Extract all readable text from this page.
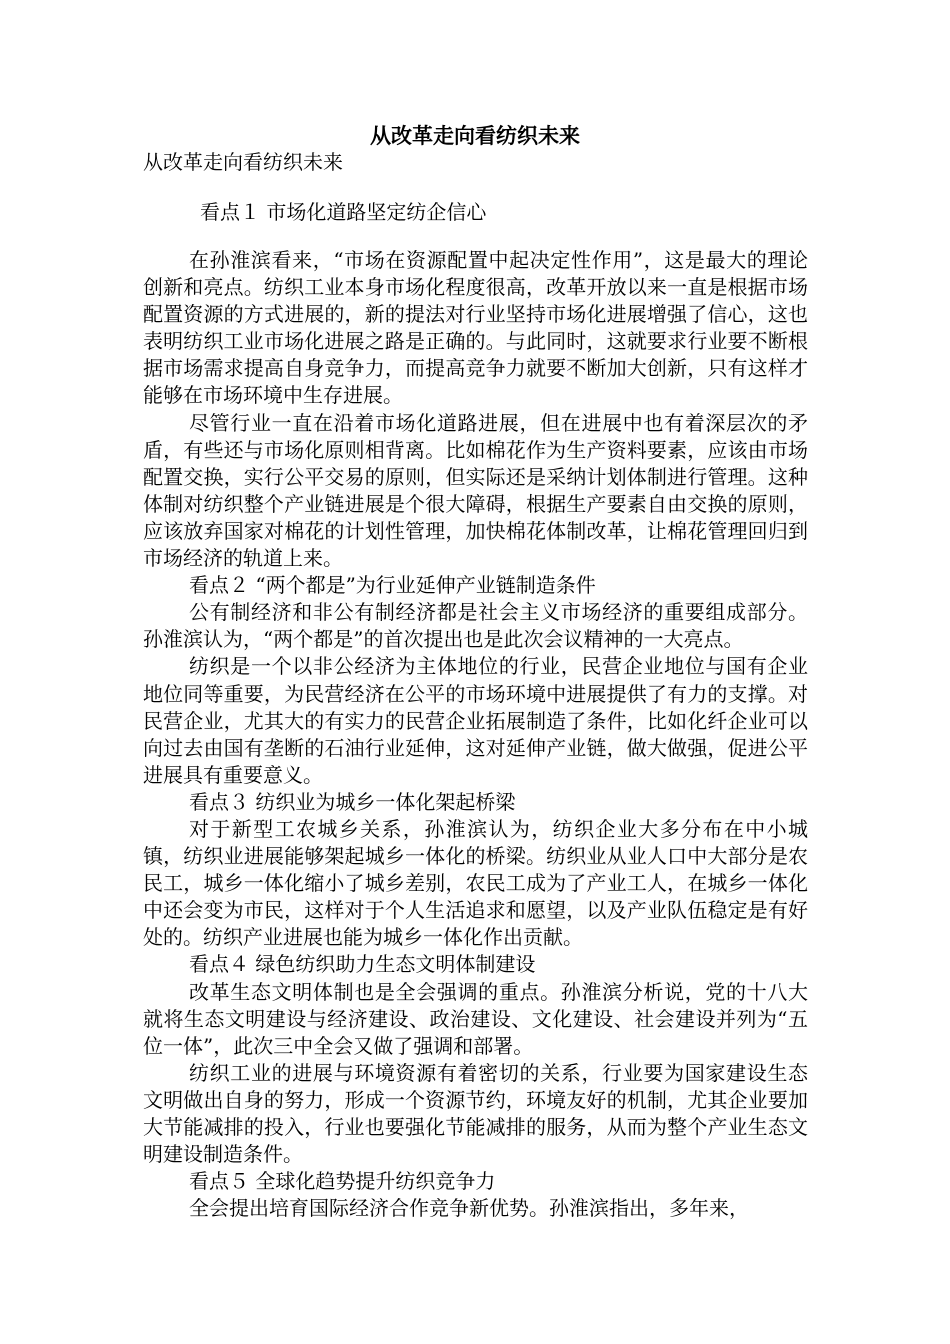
从改革走向看纺织未来
从改革走向看纺织未来
看点１ 市场化道路坚定纺企信心

在孙淮滨看来，“市场在资源配置中起决定性作用”，这是最大的理论创新和亮点。纺织工业本身市场化程度很高，改革开放以来一直是根据市场配置资源的方式进展的，新的提法对行业坚持市场化进展增强了信心，这也表明纺织工业市场化进展之路是正确的。与此同时，这就要求行业要不断根据市场需求提高自身竞争力，而提高竞争力就要不断加大创新，只有这样才能够在市场环境中生存进展。

尽管行业一直在沿着市场化道路进展，但在进展中也有着深层次的矛盾，有些还与市场化原则相背离。比如棉花作为生产资料要素，应该由市场配置交换，实行公平交易的原则，但实际还是采纳计划体制进行管理。这种体制对纺织整个产业链进展是个很大障碍，根据生产要素自由交换的原则，应该放弃国家对棉花的计划性管理，加快棉花体制改革，让棉花管理回归到市场经济的轨道上来。

看点２ “两个都是”为行业延伸产业链制造条件

公有制经济和非公有制经济都是社会主义市场经济的重要组成部分。孙淮滨认为，“两个都是”的首次提出也是此次会议精神的一大亮点。

纺织是一个以非公经济为主体地位的行业，民营企业地位与国有企业地位同等重要，为民营经济在公平的市场环境中进展提供了有力的支撑。对民营企业，尤其大的有实力的民营企业拓展制造了条件，比如化纤企业可以向过去由国有垄断的石油行业延伸，这对延伸产业链，做大做强，促进公平进展具有重要意义。

看点３ 纺织业为城乡一体化架起桥梁

对于新型工农城乡关系，孙淮滨认为，纺织企业大多分布在中小城镇，纺织业进展能够架起城乡一体化的桥梁。纺织业从业人口中大部分是农民工，城乡一体化缩小了城乡差别，农民工成为了产业工人，在城乡一体化中还会变为市民，这样对于个人生活追求和愿望，以及产业队伍稳定是有好处的。纺织产业进展也能为城乡一体化作出贡献。

看点４ 绿色纺织助力生态文明体制建设

改革生态文明体制也是全会强调的重点。孙淮滨分析说，党的十八大就将生态文明建设与经济建设、政治建设、文化建设、社会建设并列为“五位一体”，此次三中全会又做了强调和部署。

纺织工业的进展与环境资源有着密切的关系，行业要为国家建设生态文明做出自身的努力，形成一个资源节约，环境友好的机制，尤其企业要加大节能减排的投入，行业也要强化节能减排的服务，从而为整个产业生态文明建设制造条件。

看点５ 全球化趋势提升纺织竞争力

全会提出培育国际经济合作竞争新优势。孙淮滨指出，多年来，
